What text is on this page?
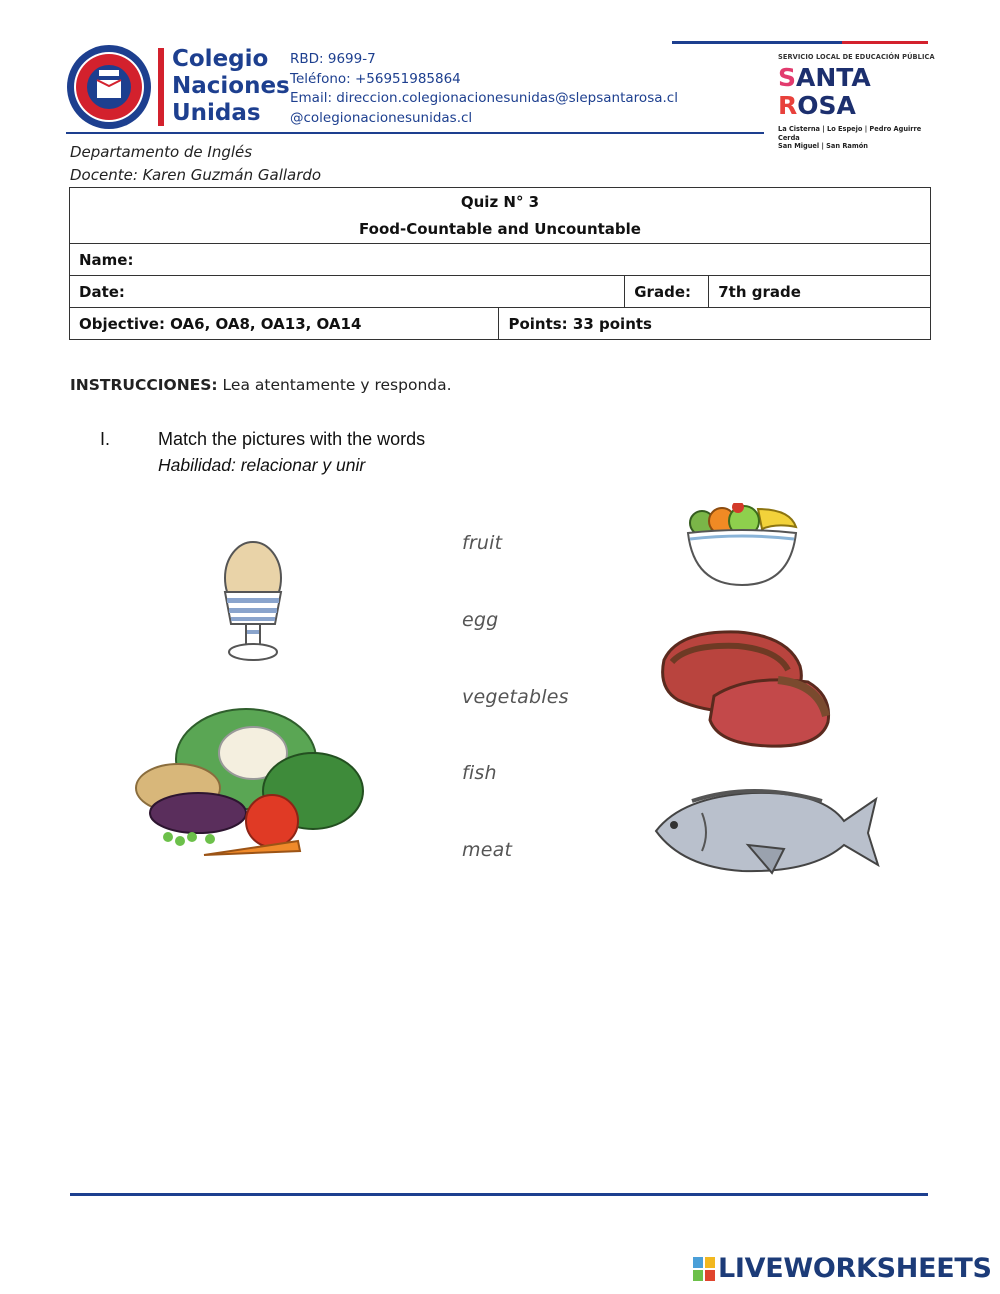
Colegio
Naciones
Unidas
RBD: 9699-7
Teléfono: +56951985864
Email: direccion.colegionacionesunidas@slepsantarosa.cl
@colegionacionesunidas.cl
SERVICIO LOCAL DE EDUCACIÓN PÚBLICA
SANTA
ROSA
La Cisterna | Lo Espejo | Pedro Aguirre Cerda
San Miguel | San Ramón
Departamento de Inglés
Docente: Karen Guzmán Gallardo
Quiz N° 3
Food-Countable and Uncountable			

Name:			
Date:		Grade:	7th grade
Objective: OA6, OA8, OA13, OA14	Points: 33 points		
INSTRUCCIONES: Lea atentamente y responda.
I.	Match the pictures with the words
Habilidad: relacionar y unir
fruit
egg
vegetables
fish
meat
LIVEWORKSHEETS
